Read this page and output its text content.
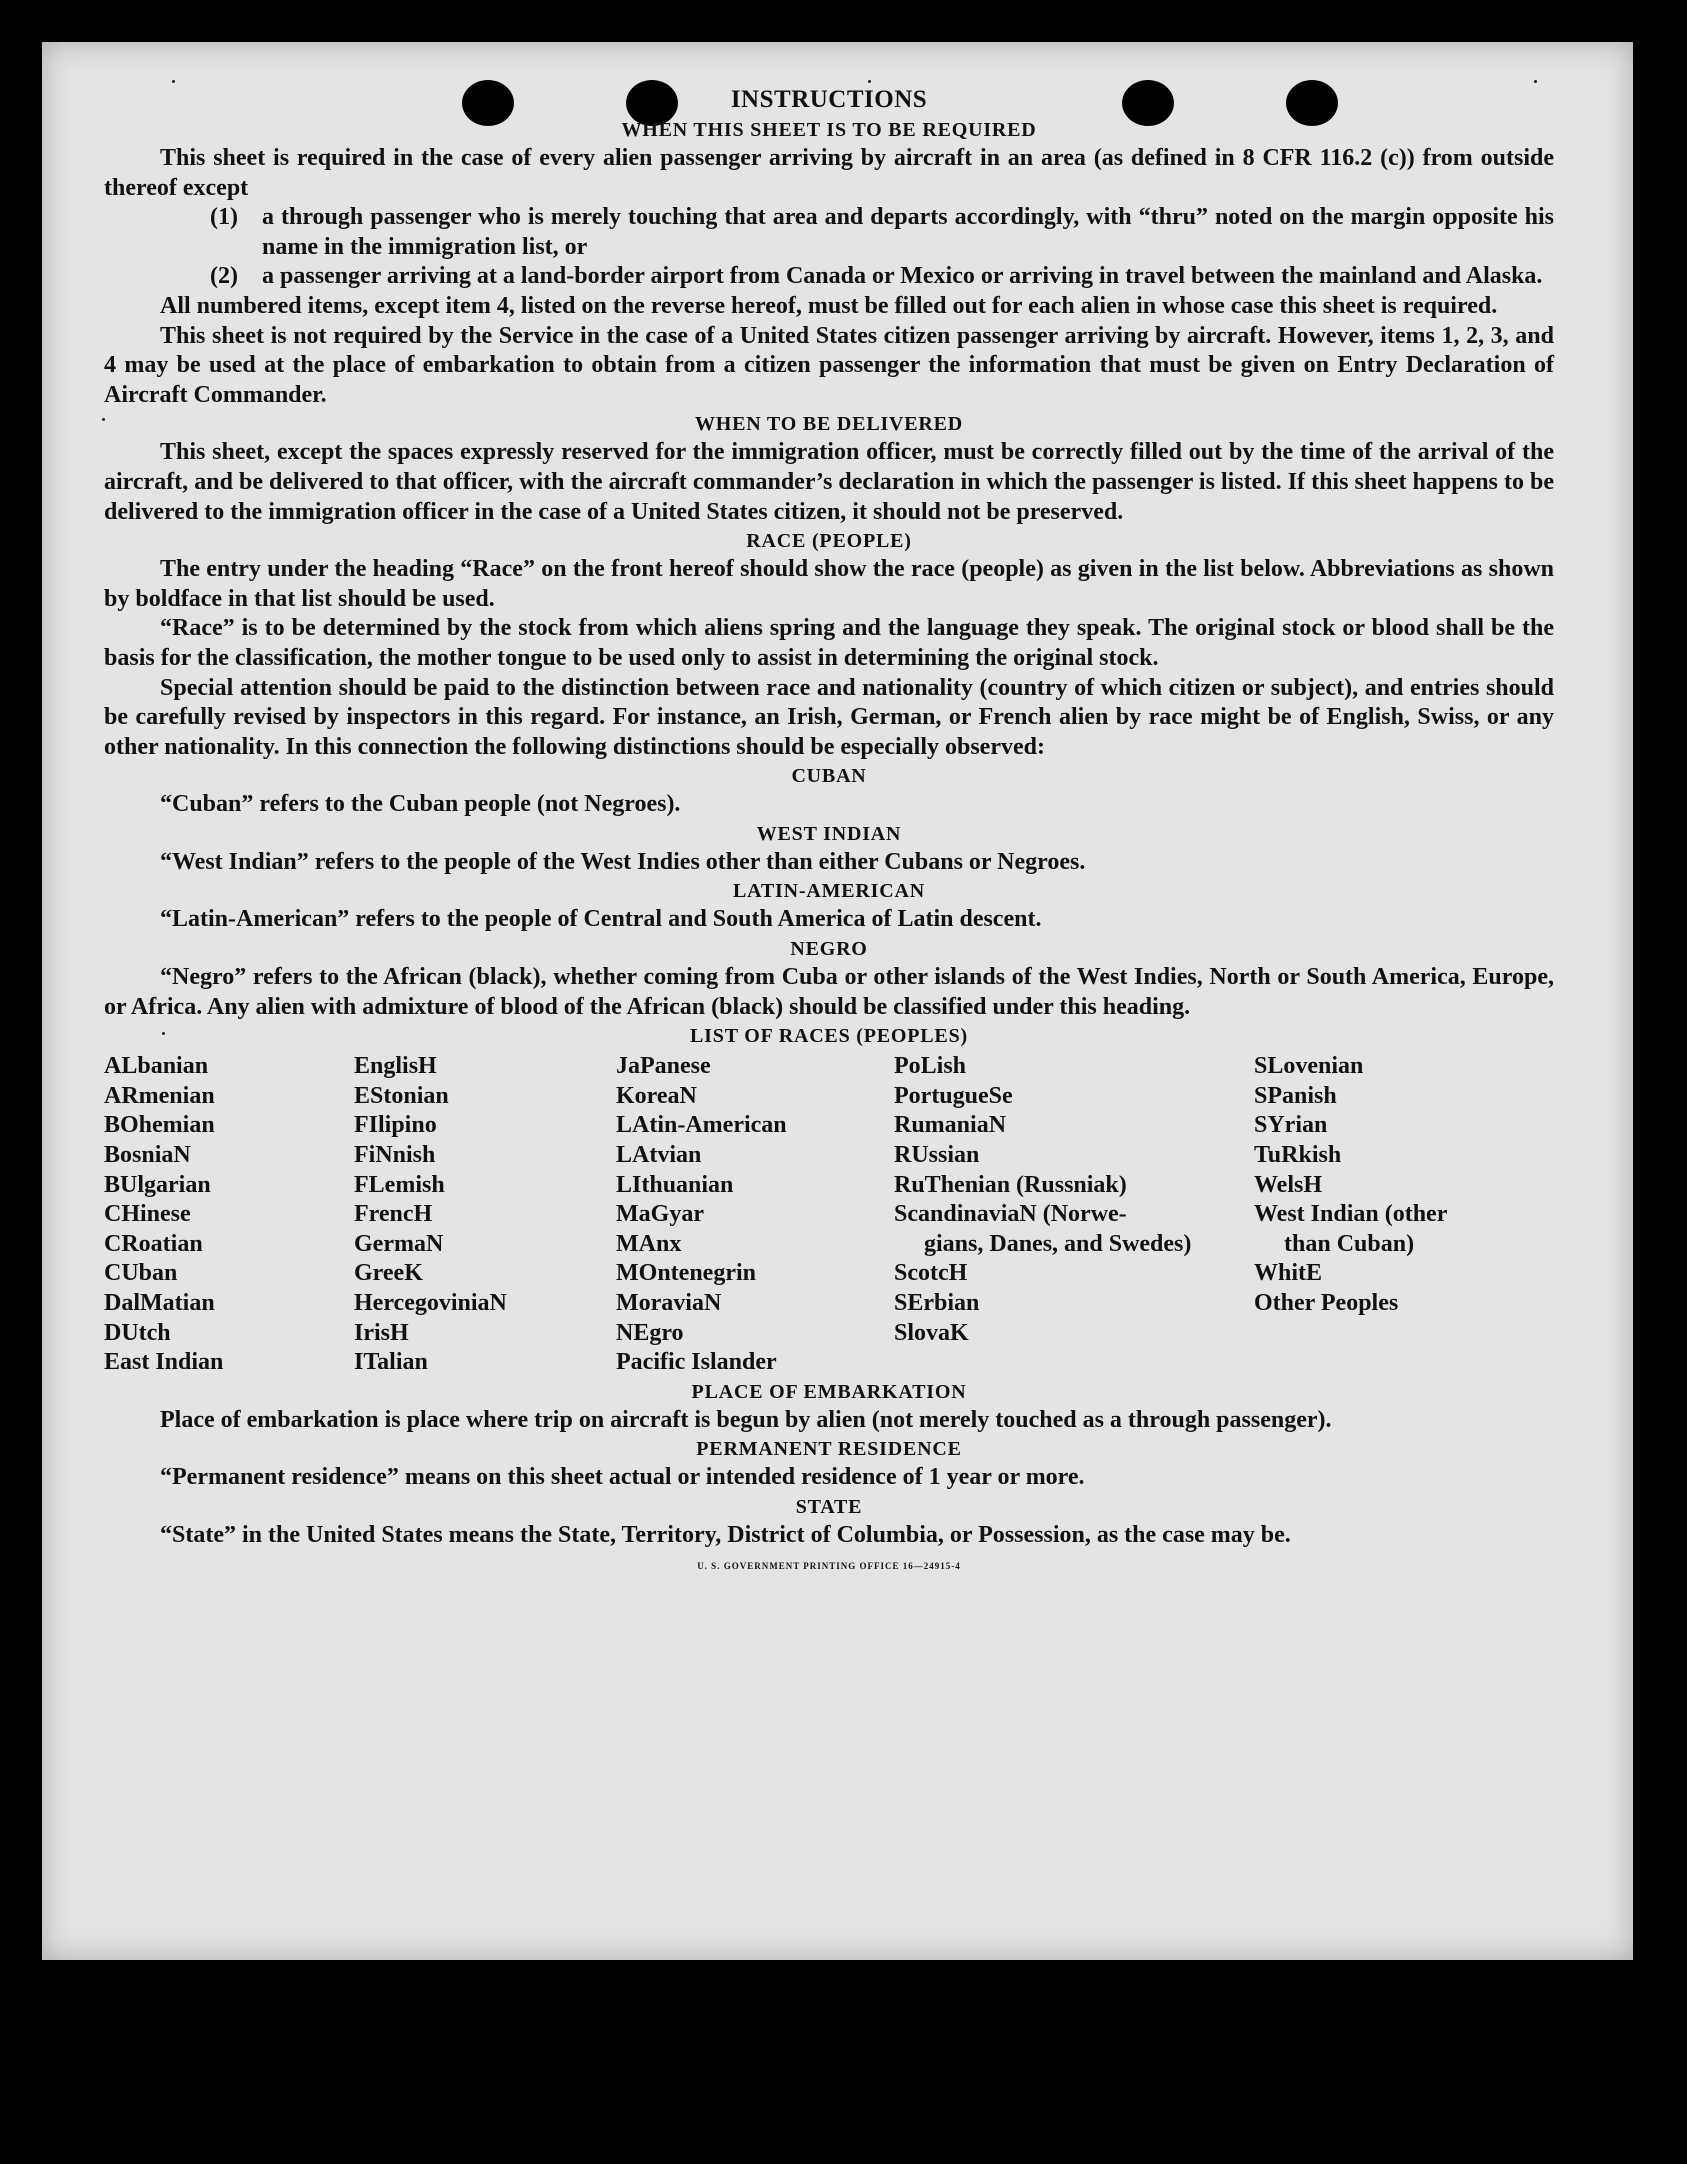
INSTRUCTIONS
WHEN THIS SHEET IS TO BE REQUIRED

This sheet is required in the case of every alien passenger arriving by aircraft in an area (as defined in 8 CFR 116.2 (c)) from outside thereof except

(1)	a through passenger who is merely touching that area and departs accordingly, with “thru” noted on the margin opposite his name in the immigration list, or
(2)	a passenger arriving at a land-border airport from Canada or Mexico or arriving in travel between the mainland and Alaska.

All numbered items, except item 4, listed on the reverse hereof, must be filled out for each alien in whose case this sheet is required.

This sheet is not required by the Service in the case of a United States citizen passenger arriving by aircraft. However, items 1, 2, 3, and 4 may be used at the place of embarkation to obtain from a citizen passenger the information that must be given on Entry Declaration of Aircraft Commander.

WHEN TO BE DELIVERED

This sheet, except the spaces expressly reserved for the immigration officer, must be correctly filled out by the time of the arrival of the aircraft, and be delivered to that officer, with the aircraft commander’s declaration in which the passenger is listed. If this sheet happens to be delivered to the immigration officer in the case of a United States citizen, it should not be preserved.

RACE (PEOPLE)

The entry under the heading “Race” on the front hereof should show the race (people) as given in the list below. Abbreviations as shown by boldface in that list should be used.

“Race” is to be determined by the stock from which aliens spring and the language they speak. The original stock or blood shall be the basis for the classification, the mother tongue to be used only to assist in determining the original stock.

Special attention should be paid to the distinction between race and nationality (country of which citizen or subject), and entries should be carefully revised by inspectors in this regard. For instance, an Irish, German, or French alien by race might be of English, Swiss, or any other nationality. In this connection the following distinctions should be especially observed:

CUBAN

“Cuban” refers to the Cuban people (not Negroes).

WEST INDIAN

“West Indian” refers to the people of the West Indies other than either Cubans or Negroes.

LATIN-AMERICAN

“Latin-American” refers to the people of Central and South America of Latin descent.

NEGRO

“Negro” refers to the African (black), whether coming from Cuba or other islands of the West Indies, North or South America, Europe, or Africa. Any alien with admixture of blood of the African (black) should be classified under this heading.

LIST OF RACES (PEOPLES)
ALbanian
ARmenian
BOhemian
BosniaN
BUlgarian
CHinese
CRoatian
CUban
DalMatian
DUtch
East Indian
EnglisH
EStonian
FIlipino
FiNnish
FLemish
FrencH
GermaN
GreeK
HercegoviniaN
IrisH
ITalian
JaPanese
KoreaN
LAtin-American
LAtvian
LIthuanian
MaGyar
MAnx
MOntenegrin
MoraviaN
NEgro
Pacific Islander
PoLish
PortugueSe
RumaniaN
RUssian
RuThenian (Russniak)
ScandinaviaN (Norwe-
gians, Danes, and Swedes)
ScotcH
SErbian
SlovaK
SLovenian
SPanish
SYrian
TuRkish
WelsH
West Indian (other
than Cuban)
WhitE
Other Peoples
PLACE OF EMBARKATION

Place of embarkation is place where trip on aircraft is begun by alien (not merely touched as a through passenger).

PERMANENT RESIDENCE

“Permanent residence” means on this sheet actual or intended residence of 1 year or more.

STATE

“State” in the United States means the State, Territory, District of Columbia, or Possession, as the case may be.

U. S. GOVERNMENT PRINTING OFFICE 16—24915-4
